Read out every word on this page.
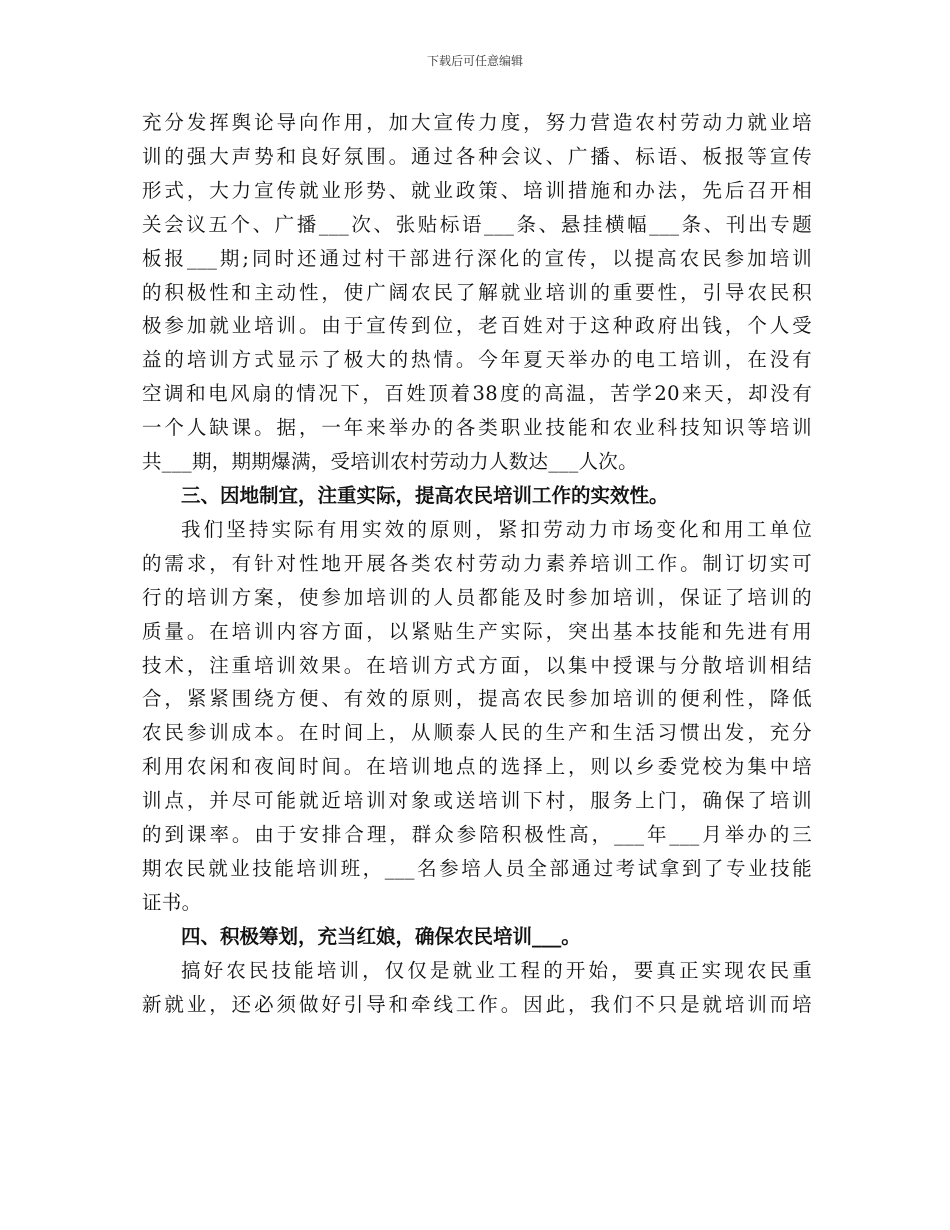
下载后可任意编辑
充分发挥舆论导向作用，加大宣传力度，努力营造农村劳动力就业培
训的强大声势和良好氛围。通过各种会议、广播、标语、板报等宣传
形式，大力宣传就业形势、就业政策、培训措施和办法，先后召开相
关会议五个、广播___次、张贴标语___条、悬挂横幅___条、刊出专题
板报___期;同时还通过村干部进行深化的宣传，以提高农民参加培训
的积极性和主动性，使广阔农民了解就业培训的重要性，引导农民积
极参加就业培训。由于宣传到位，老百姓对于这种政府出钱，个人受
益的培训方式显示了极大的热情。今年夏天举办的电工培训，在没有
空调和电风扇的情况下，百姓顶着38度的高温，苦学20来天，却没有
一个人缺课。据，一年来举办的各类职业技能和农业科技知识等培训
共___期，期期爆满，受培训农村劳动力人数达___人次。

三、因地制宜，注重实际，提高农民培训工作的实效性。

我们坚持实际有用实效的原则，紧扣劳动力市场变化和用工单位
的需求，有针对性地开展各类农村劳动力素养培训工作。制订切实可
行的培训方案，使参加培训的人员都能及时参加培训，保证了培训的
质量。在培训内容方面，以紧贴生产实际，突出基本技能和先进有用
技术，注重培训效果。在培训方式方面，以集中授课与分散培训相结
合，紧紧围绕方便、有效的原则，提高农民参加培训的便利性，降低
农民参训成本。在时间上，从顺泰人民的生产和生活习惯出发，充分
利用农闲和夜间时间。在培训地点的选择上，则以乡委党校为集中培
训点，并尽可能就近培训对象或送培训下村，服务上门，确保了培训
的到课率。由于安排合理，群众参陪积极性高，___年___月举办的三
期农民就业技能培训班，___名参培人员全部通过考试拿到了专业技能
证书。

四、积极筹划，充当红娘，确保农民培训___。

搞好农民技能培训，仅仅是就业工程的开始，要真正实现农民重
新就业，还必须做好引导和牵线工作。因此，我们不只是就培训而培
